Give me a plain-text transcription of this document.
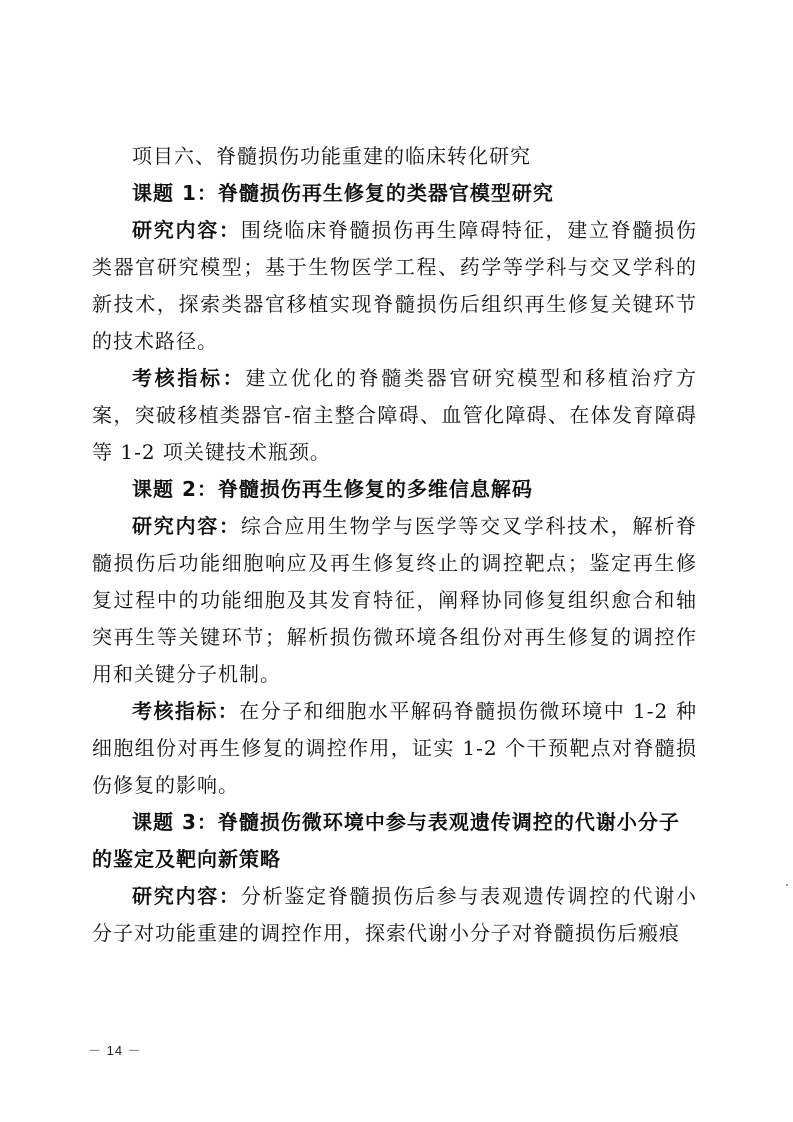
项目六、脊髓损伤功能重建的临床转化研究

课题 1：脊髓损伤再生修复的类器官模型研究

研究内容：围绕临床脊髓损伤再生障碍特征，建立脊髓损伤类器官研究模型；基于生物医学工程、药学等学科与交叉学科的新技术，探索类器官移植实现脊髓损伤后组织再生修复关键环节的技术路径。

考核指标：建立优化的脊髓类器官研究模型和移植治疗方案，突破移植类器官-宿主整合障碍、血管化障碍、在体发育障碍等 1-2 项关键技术瓶颈。

课题 2：脊髓损伤再生修复的多维信息解码

研究内容：综合应用生物学与医学等交叉学科技术，解析脊髓损伤后功能细胞响应及再生修复终止的调控靶点；鉴定再生修复过程中的功能细胞及其发育特征，阐释协同修复组织愈合和轴突再生等关键环节；解析损伤微环境各组份对再生修复的调控作用和关键分子机制。

考核指标：在分子和细胞水平解码脊髓损伤微环境中 1-2 种细胞组份对再生修复的调控作用，证实 1-2 个干预靶点对脊髓损伤修复的影响。

课题 3：脊髓损伤微环境中参与表观遗传调控的代谢小分子的鉴定及靶向新策略

研究内容：分析鉴定脊髓损伤后参与表观遗传调控的代谢小分子对功能重建的调控作用，探索代谢小分子对脊髓损伤后瘢痕

－ 14 －
